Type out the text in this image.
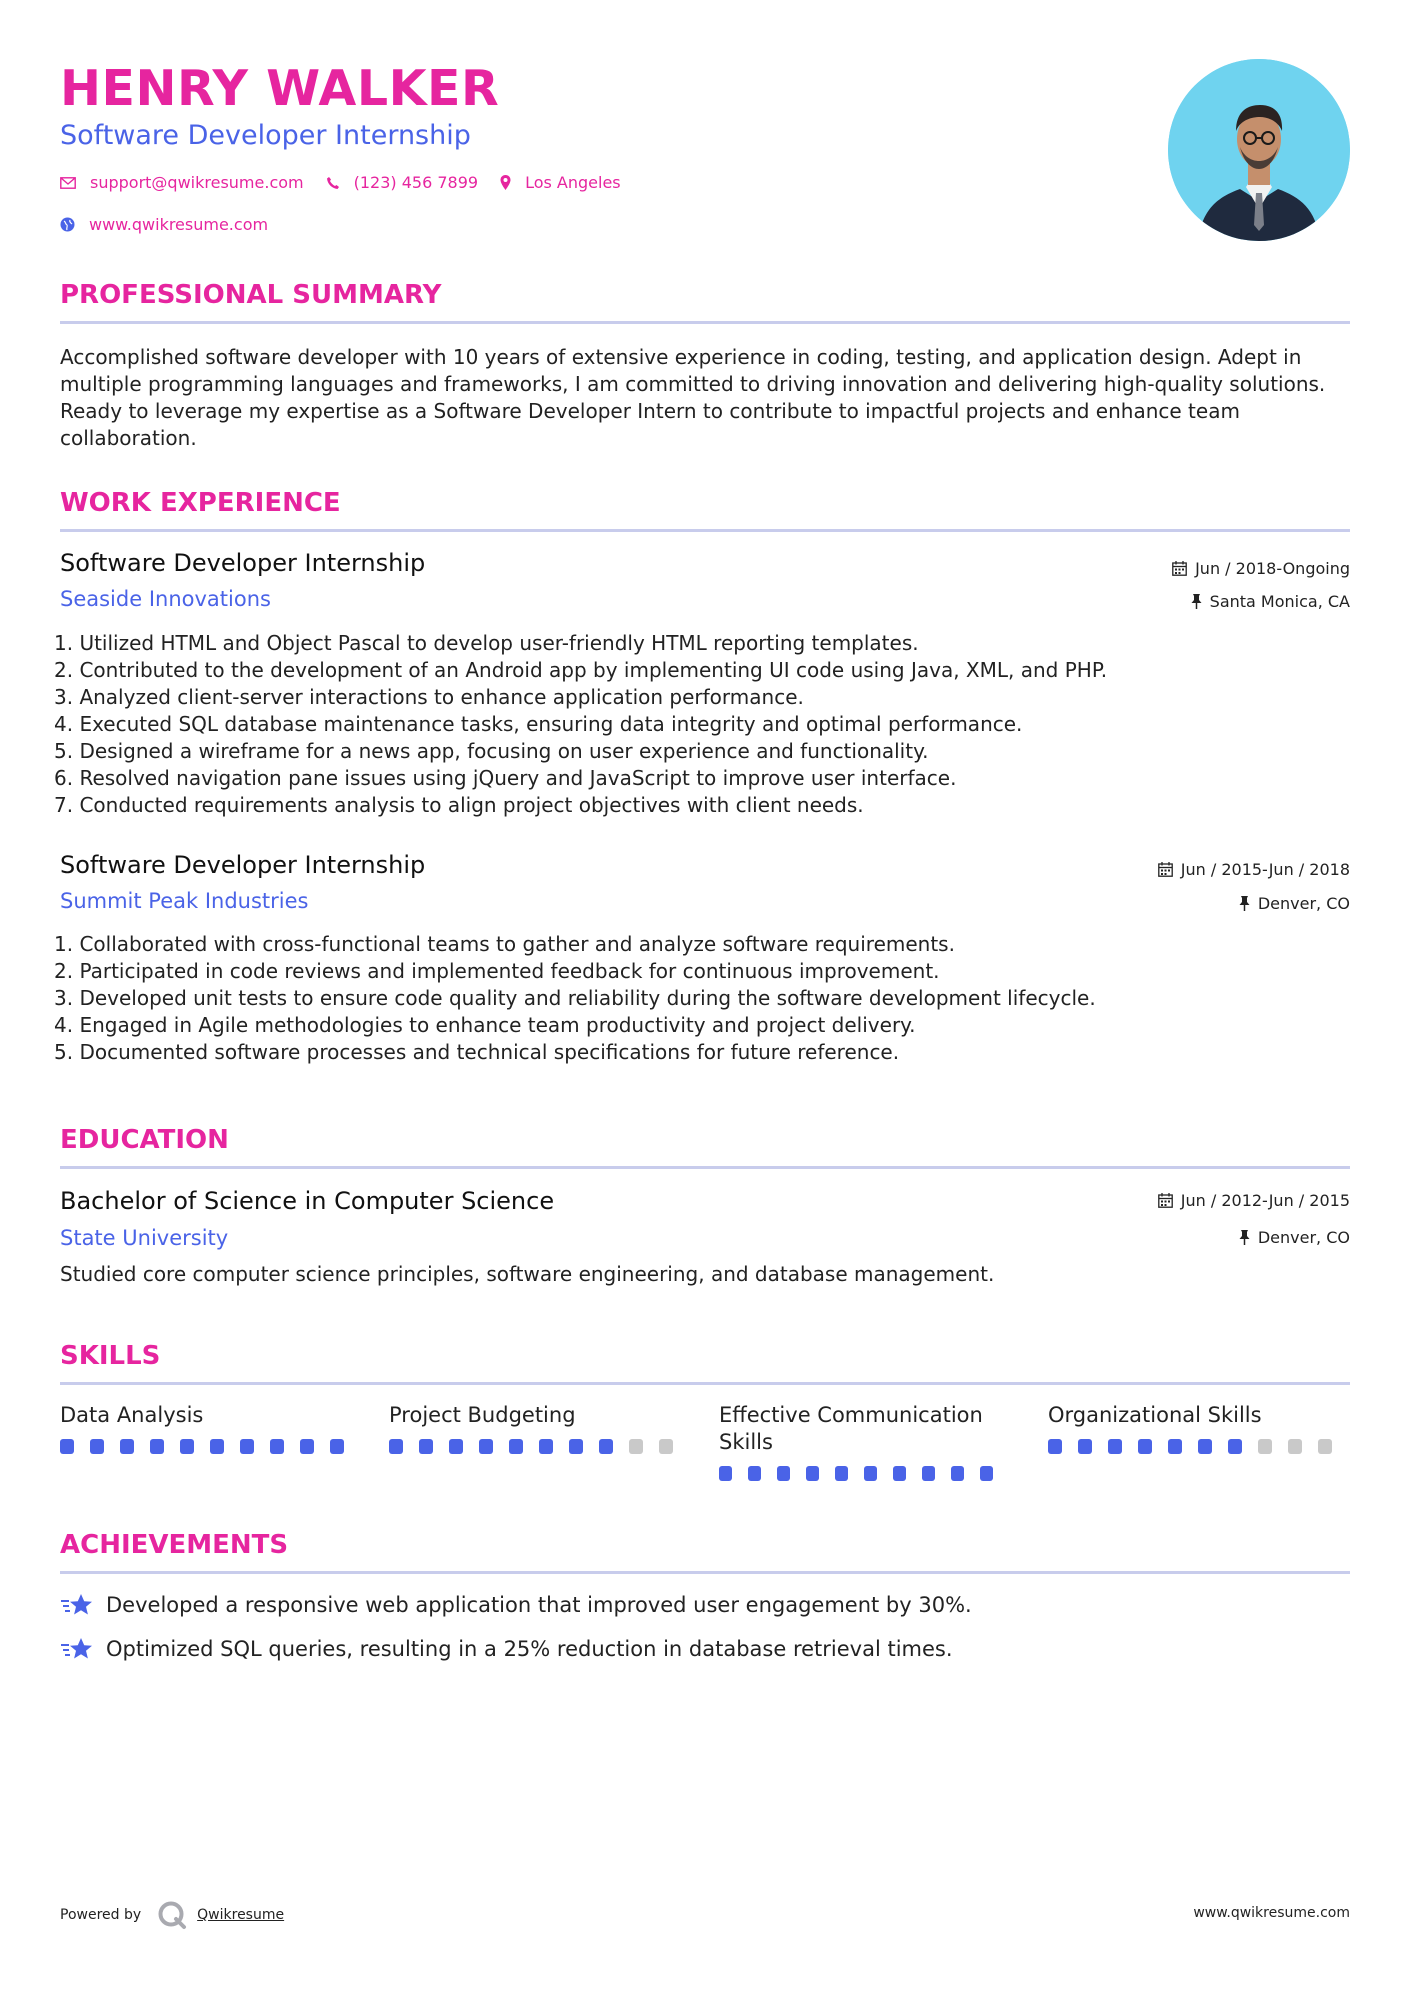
HENRY WALKER
Software Developer Internship
support@qwikresume.com	(123) 456 7899	Los Angeles
www.qwikresume.com
PROFESSIONAL SUMMARY
Accomplished software developer with 10 years of extensive experience in coding, testing, and application design. Adept in multiple programming languages and frameworks, I am committed to driving innovation and delivering high-quality solutions. Ready to leverage my expertise as a Software Developer Intern to contribute to impactful projects and enhance team collaboration.
WORK EXPERIENCE
Software Developer Internship
Seaside Innovations
Jun / 2018-Ongoing
Santa Monica, CA
1. Utilized HTML and Object Pascal to develop user-friendly HTML reporting templates.
2. Contributed to the development of an Android app by implementing UI code using Java, XML, and PHP.
3. Analyzed client-server interactions to enhance application performance.
4. Executed SQL database maintenance tasks, ensuring data integrity and optimal performance.
5. Designed a wireframe for a news app, focusing on user experience and functionality.
6. Resolved navigation pane issues using jQuery and JavaScript to improve user interface.
7. Conducted requirements analysis to align project objectives with client needs.
Software Developer Internship
Summit Peak Industries
Jun / 2015-Jun / 2018
Denver, CO
1. Collaborated with cross-functional teams to gather and analyze software requirements.
2. Participated in code reviews and implemented feedback for continuous improvement.
3. Developed unit tests to ensure code quality and reliability during the software development lifecycle.
4. Engaged in Agile methodologies to enhance team productivity and project delivery.
5. Documented software processes and technical specifications for future reference.
EDUCATION
Bachelor of Science in Computer Science
State University
Jun / 2012-Jun / 2015
Denver, CO
Studied core computer science principles, software engineering, and database management.
SKILLS
Data Analysis	Project Budgeting	Effective Communication Skills
Organizational Skills
ACHIEVEMENTS
Developed a responsive web application that improved user engagement by 30%.
Optimized SQL queries, resulting in a 25% reduction in database retrieval times.
Powered by	Qwikresume	www.qwikresume.com
